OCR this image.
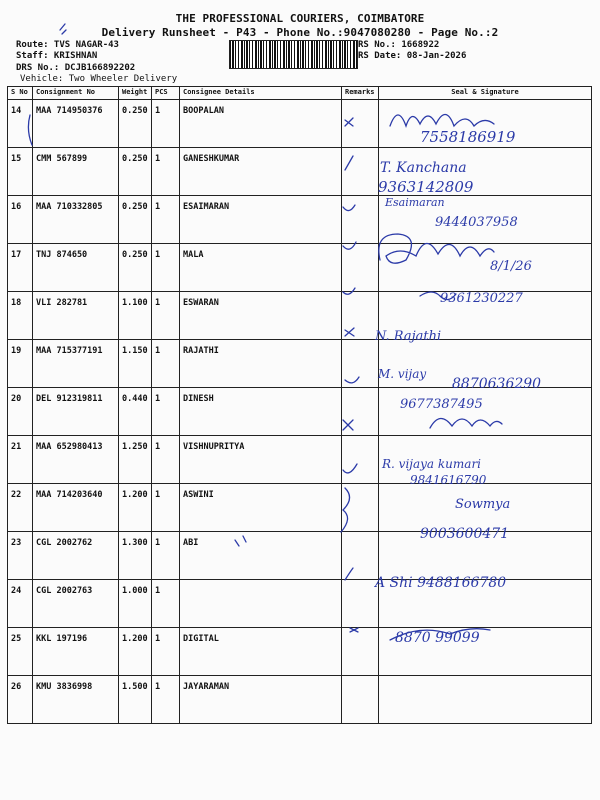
THE PROFESSIONAL COURIERS, COIMBATORE
Delivery Runsheet - P43 - Phone No.:9047080280 - Page No.:2
Route: TVS NAGAR-43
Staff: KRISHNAN
DRS No.: DCJB166892202
Vehicle: Two Wheeler Delivery
RS No.: 1668922
RS Date: 08-Jan-2026
S No	Consignment No	Weight	PCS	Consignee Details	Remarks	Seal & Signature
14	MAA 714950376	0.250	1	BOOPALAN		
15	CMM 567899	0.250	1	GANESHKUMAR		
16	MAA 710332805	0.250	1	ESAIMARAN		
17	TNJ 874650	0.250	1	MALA		
18	VLI 282781	1.100	1	ESWARAN		
19	MAA 715377191	1.150	1	RAJATHI		
20	DEL 912319811	0.440	1	DINESH		
21	MAA 652980413	1.250	1	VISHNUPRITYA		
22	MAA 714203640	1.200	1	ASWINI		
23	CGL 2002762	1.300	1	ABI		
24	CGL 2002763	1.000	1			
25	KKL 197196	1.200	1	DIGITAL		
26	KMU 3836998	1.500	1	JAYARAMAN		
7558186919
T. Kanchana
9363142809
Esaimaran
9444037958
8/1/26
9361230227
N. Rajathi
M. vijay
8870636290
9677387495
R. vijaya kumari
9841616790
Sowmya
9003600471
A Shi 9488166780
8870 99099
